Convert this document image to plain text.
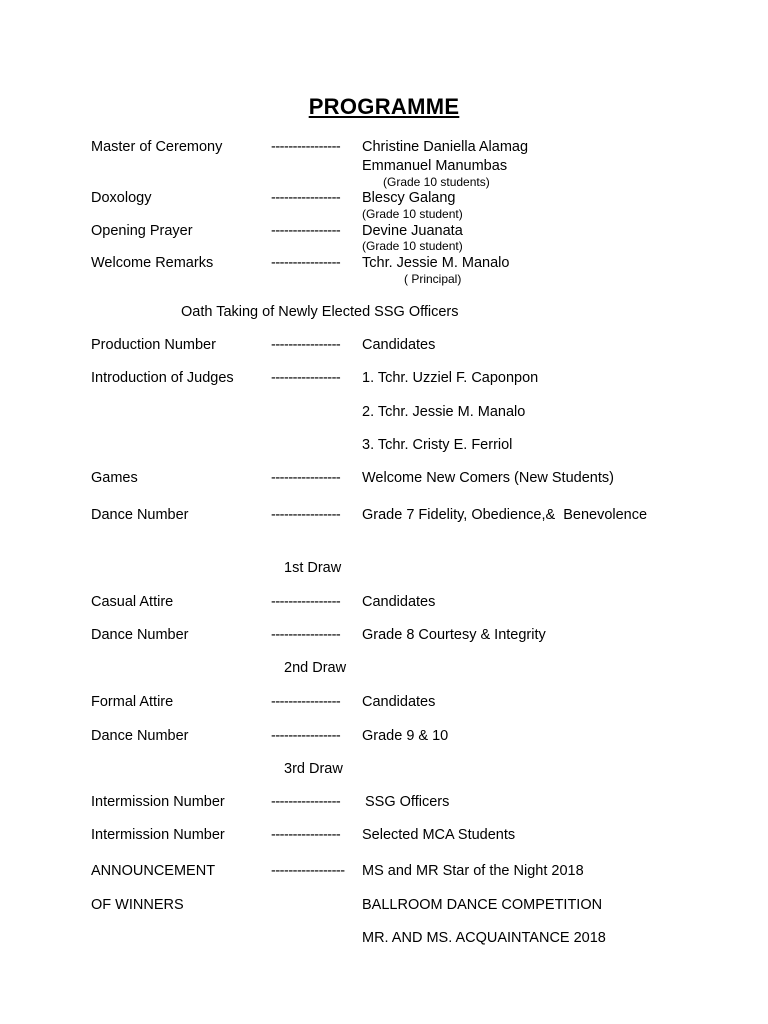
PROGRAMME
Master of Ceremony	---------------- Christine Daniella Alamag
Emmanuel Manumbas
(Grade 10 students)
Doxology	---------------- Blescy Galang
(Grade 10 student)
Opening Prayer	---------------- Devine Juanata
(Grade 10 student)
Welcome Remarks	---------------- Tchr. Jessie M. Manalo
( Principal)
Oath Taking of Newly Elected SSG Officers
Production Number	---------------- Candidates
Introduction of Judges	---------------- 1. Tchr. Uzziel F. Caponpon
2. Tchr. Jessie M. Manalo
3. Tchr. Cristy E. Ferriol
Games	---------------- Welcome New Comers (New Students)
Dance Number	---------------- Grade 7 Fidelity, Obedience,&  Benevolence
1st Draw
Casual Attire	---------------- Candidates
Dance Number	---------------- Grade 8 Courtesy & Integrity
2nd Draw
Formal Attire	---------------- Candidates
Dance Number	---------------- Grade 9 & 10
3rd Draw
Intermission Number	---------------- SSG Officers
Intermission Number	---------------- Selected MCA Students
ANNOUNCEMENT	----------------- MS and MR Star of the Night 2018
OF WINNERS	BALLROOM DANCE COMPETITION
MR. AND MS. ACQUAINTANCE 2018
